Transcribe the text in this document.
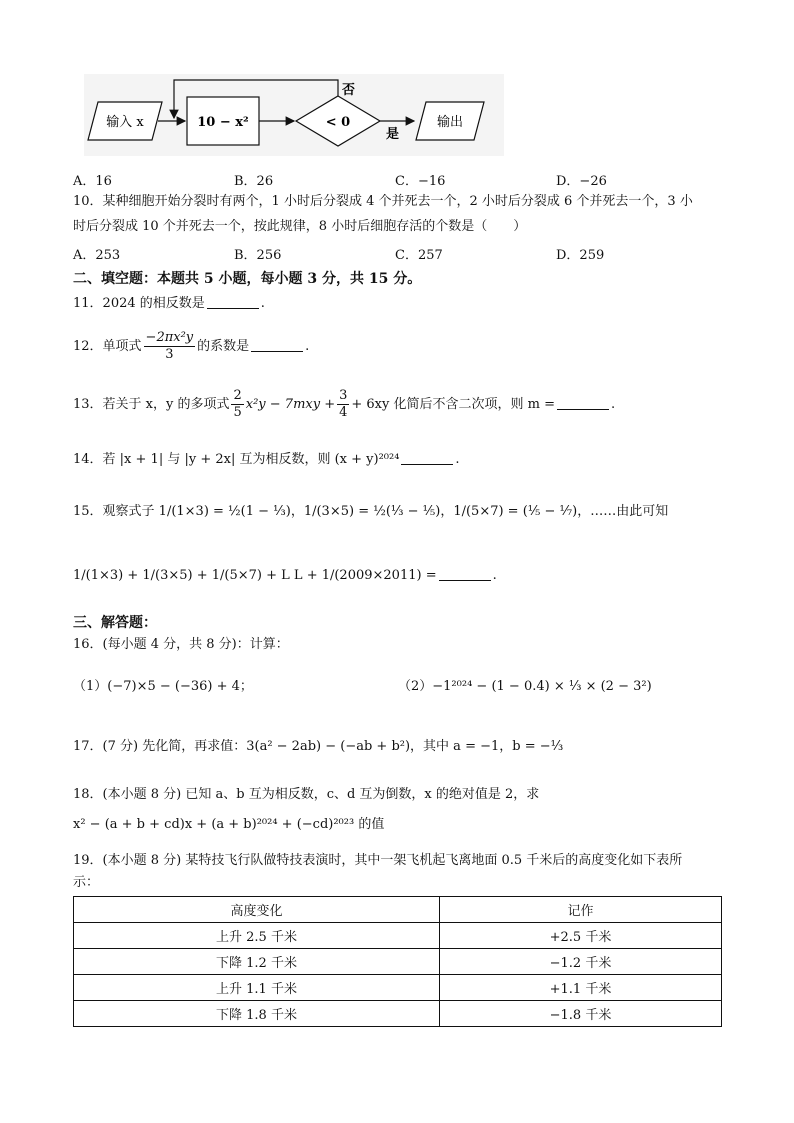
输入 x	10 − x²	< 0
否
是
输出
A．16	B．26	C．−16	D．−26
10．某种细胞开始分裂时有两个，1 小时后分裂成 4 个并死去一个，2 小时后分裂成 6 个并死去一个，3 小
时后分裂成 10 个并死去一个，按此规律，8 小时后细胞存活的个数是（　　）
A．253	B．256	C．257	D．259
二、填空题：本题共 5 小题，每小题 3 分，共 15 分。
11．2024 的相反数是	.
12．单项式 $\frac{\text{−2πx²y}}{3}$ 的系数是	.
13．若关于 x，y 的多项式 $\frac{2}{5} x^2y - 7mxy + \frac{3}{4} + 6xy$ 化简后不含二次项，则 m =	.
14．若 |x + 1| 与 |y + 2x| 互为相反数，则 (x + y)²⁰²⁴	.
15．观察式子 1/(1×3) = ½(1 − ⅓)，1/(3×5) = ½(⅓ − ⅕)，1/(5×7) = (⅕ − ⅐)，……由此可知
1/(1×3) + 1/(3×5) + 1/(5×7) + L L + 1/(2009×2011) =	.
三、解答题：
16．(每小题 4 分，共 8 分)：计算：
（1）(−7)×5 − (−36) + 4；	（2）−1²⁰²⁴ − (1 − 0.4) × ⅓ × (2 − 3²)
17．(7 分) 先化简，再求值：3(a² − 2ab) − (−ab + b²)，其中 a = −1，b = −⅓
18．(本小题 8 分) 已知 a、b 互为相反数，c、d 互为倒数，x 的绝对值是 2，求
x² − (a + b + cd)x + (a + b)²⁰²⁴ + (−cd)²⁰²³ 的值
19．(本小题 8 分) 某特技飞行队做特技表演时，其中一架飞机起飞离地面 0.5 千米后的高度变化如下表所
示：
高度变化	记作
上升 2.5 千米	+2.5 千米
下降 1.2 千米	−1.2 千米
上升 1.1 千米	+1.1 千米
下降 1.8 千米	−1.8 千米
